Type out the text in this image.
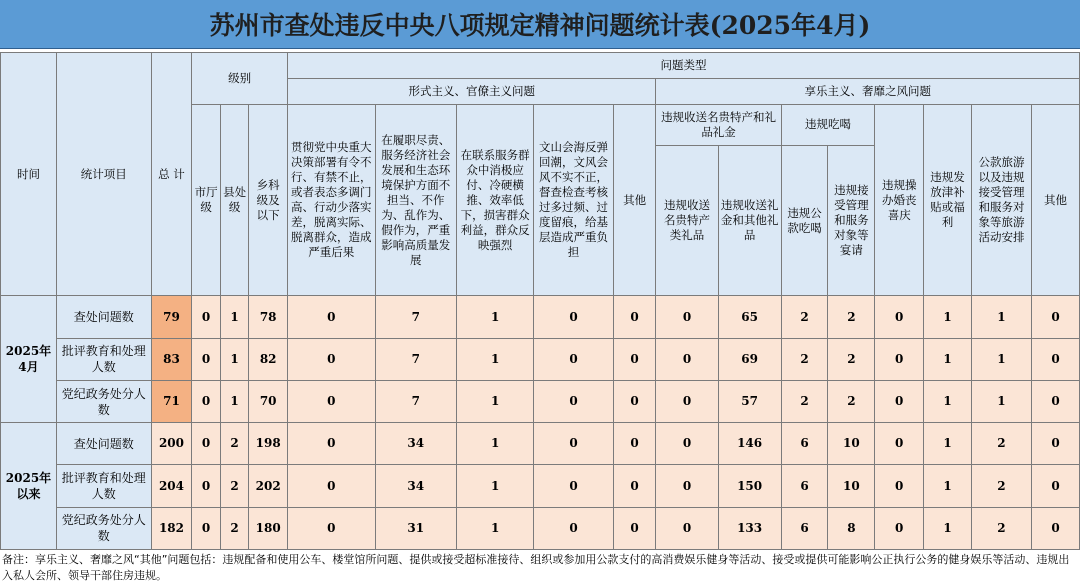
苏州市查处违反中央八项规定精神问题统计表(2025年4月)
时间	统计项目	总 计	级别			问题类型												
						形式主义、官僚主义问题					享乐主义、奢靡之风问题							
			市厅级	县处级	乡科级及以下	贯彻党中央重大决策部署有令不行、有禁不止，或者表态多调门高、行动少落实差，脱离实际、脱离群众，造成严重后果	在履职尽责、服务经济社会发展和生态环境保护方面不担当、不作为、乱作为、假作为，严重影响高质量发展	在联系服务群众中消极应付、冷硬横推、效率低下，损害群众利益，群众反映强烈	文山会海反弹回潮，文风会风不实不正，督查检查考核过多过频、过度留痕，给基层造成严重负担	其他	违规收送名贵特产和礼品礼金		违规吃喝		违规操办婚丧喜庆	违规发放津补贴或福利	公款旅游以及违规接受管理和服务对象等旅游活动安排	其他
											违规收送名贵特产类礼品	违规收送礼金和其他礼品	违规公款吃喝	违规接受管理和服务对象等宴请				
2025年4月	查处问题数	79	0	1	78	0	7	1	0	0	0	65	2	2	0	1	1	0
	批评教育和处理人数	83	0	1	82	0	7	1	0	0	0	69	2	2	0	1	1	0
	党纪政务处分人数	71	0	1	70	0	7	1	0	0	0	57	2	2	0	1	1	0
2025年以来	查处问题数	200	0	2	198	0	34	1	0	0	0	146	6	10	0	1	2	0
	批评教育和处理人数	204	0	2	202	0	34	1	0	0	0	150	6	10	0	1	2	0
	党纪政务处分人数	182	0	2	180	0	31	1	0	0	0	133	6	8	0	1	2	0
备注：享乐主义、奢靡之风“其他”问题包括：违规配备和使用公车、楼堂馆所问题、提供或接受超标准接待、组织或参加用公款支付的高消费娱乐健身等活动、接受或提供可能影响公正执行公务的健身娱乐等活动、违规出入私人会所、领导干部住房违规。
